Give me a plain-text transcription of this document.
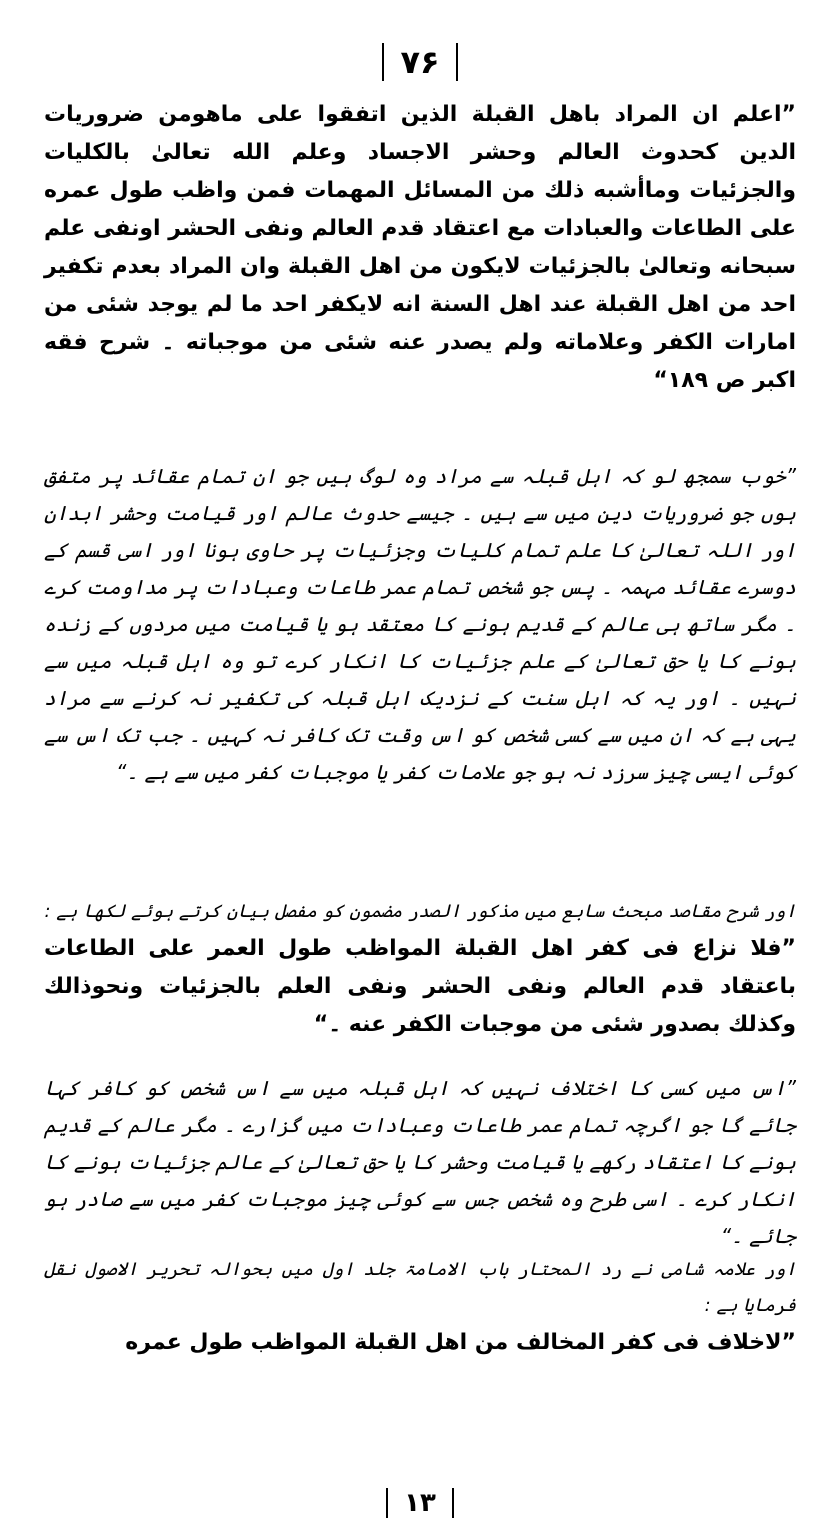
۷۶

”اعلم ان المراد باهل القبلة الذين اتفقوا على ماهومن ضروريات الدين كحدوث العالم وحشر الاجساد وعلم الله تعالىٰ بالكليات والجزئيات وماأشبه ذلك من المسائل المهمات فمن واظب طول عمره على الطاعات والعبادات مع اعتقاد قدم العالم ونفى الحشر اونفى علم سبحانه وتعالىٰ بالجزئيات لايكون من اهل القبلة وان المراد بعدم تكفير احد من اهل القبلة عند اهل السنة انه لايكفر احد ما لم يوجد شئى من امارات الكفر وعلاماته ولم يصدر عنه شئى من موجباته ۔ شرح فقه اكبر ص ١٨٩“

”خوب سمجھ لو کہ اہل قبلہ سے مراد وہ لوگ ہیں جو ان تمام عقائد پر متفق ہوں جو ضروریات دین میں سے ہیں ۔ جیسے حدوث عالم اور قیامت وحشر ابدان اور اللہ تعالیٰ کا علم تمام کلیات وجزئیات پر حاوی ہونا اور اسی قسم کے دوسرے عقائد مہمہ ۔ پس جو شخص تمام عمر طاعات وعبادات پر مداومت کرے ۔ مگر ساتھ ہی عالم کے قدیم ہونے کا معتقد ہو یا قیامت میں مردوں کے زندہ ہونے کا یا حق تعالیٰ کے علم جزئیات کا انکار کرے تو وہ اہل قبلہ میں سے نہیں ۔ اور یہ کہ اہل سنت کے نزدیک اہل قبلہ کی تکفیر نہ کرنے سے مراد یہی ہے کہ ان میں سے کسی شخص کو اس وقت تک کافر نہ کہیں ۔ جب تک اس سے کوئی ایسی چیز سرزد نہ ہو جو علامات کفر یا موجبات کفر میں سے ہے ۔“

اور شرح مقاصد مبحث سابع میں مذکور الصدر مضمون کو مفصل بیان کرتے ہوئے لکھا ہے :

”فلا نزاع فى كفر اهل القبلة المواظب طول العمر على الطاعات باعتقاد قدم العالم ونفى الحشر ونفى العلم بالجزئيات ونحوذالك وكذلك بصدور شئى من موجبات الكفر عنه ۔“

”اس میں کسی کا اختلاف نہیں کہ اہل قبلہ میں سے اس شخص کو کافر کہا جائے گا جو اگرچہ تمام عمر طاعات وعبادات میں گزارے ۔ مگر عالم کے قدیم ہونے کا اعتقاد رکھے یا قیامت وحشر کا یا حق تعالیٰ کے عالم جزئیات ہونے کا انکار کرے ۔ اسی طرح وہ شخص جس سے کوئی چیز موجبات کفر میں سے صادر ہو جائے ۔“

اور علامہ شامی نے رد المحتار باب الامامۃ جلد اول میں بحوالہ تحریر الاصول نقل فرمایا ہے :

”لاخلاف فى كفر المخالف من اهل القبلة المواظب طول عمره

۱۳
